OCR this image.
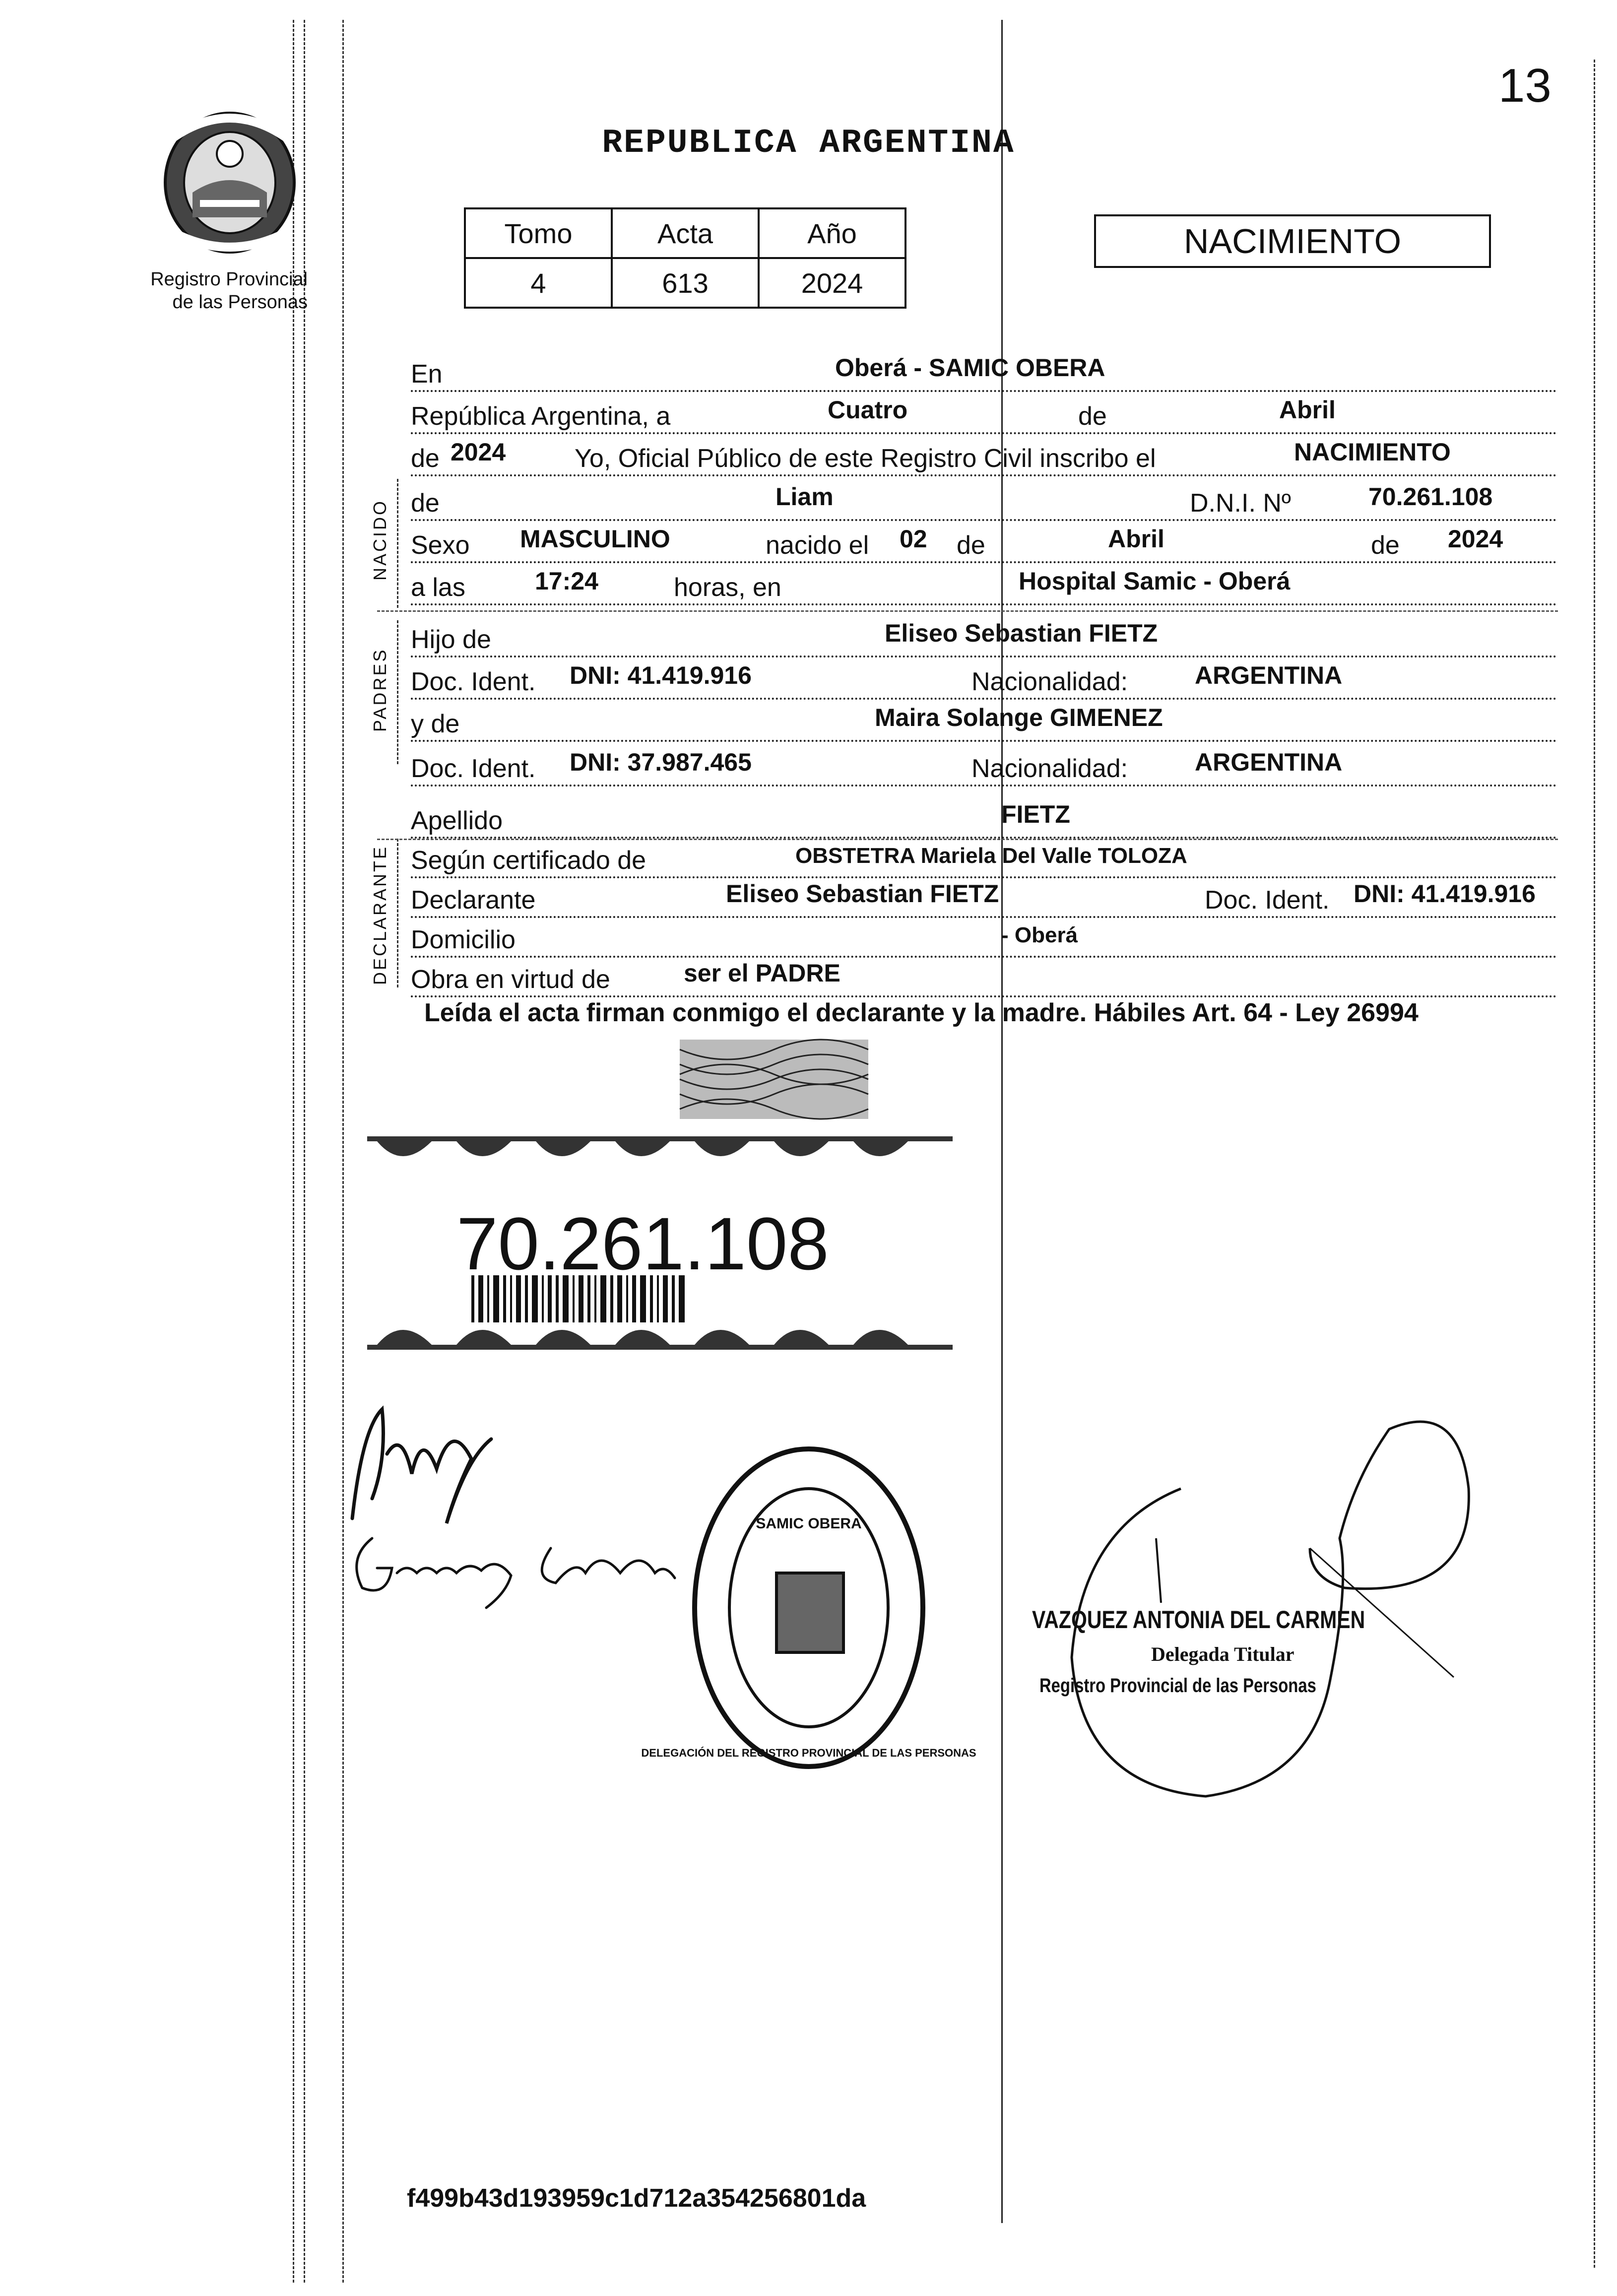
13
Registro Provincial
de las Personas
REPUBLICA ARGENTINA
Tomo	Acta	Año
4	613	2024
NACIMIENTO
NACIDO
PADRES
DECLARANTE
En	Oberá - SAMIC OBERA
República Argentina, a	Cuatro	de	Abril
de 2024	Yo, Oficial Público de este Registro Civil inscribo el	NACIMIENTO
de	Liam	D.N.I. Nº	70.261.108
Sexo MASCULINO	nacido el 02 de	Abril	de 2024
a las	17:24	horas, en	Hospital Samic - Oberá
Hijo de	Eliseo Sebastian FIETZ
Doc. Ident. DNI: 41.419.916	Nacionalidad:	ARGENTINA
y de	Maira Solange GIMENEZ
Doc. Ident. DNI: 37.987.465	Nacionalidad:	ARGENTINA
Apellido	FIETZ
Según certificado de	OBSTETRA Mariela Del Valle TOLOZA
Declarante	Eliseo Sebastian FIETZ	Doc. Ident. DNI: 41.419.916
Domicilio	- Oberá
Obra en virtud de	ser el PADRE
Leída el acta firman conmigo el declarante y la madre. Hábiles Art. 64 - Ley 26994
70.261.108
SAMIC OBERA
DELEGACIÓN DEL REGISTRO PROVINCIAL DE LAS PERSONAS
VAZQUEZ ANTONIA DEL CARMEN
Delegada Titular
Registro Provincial de las Personas
f499b43d193959c1d712a354256801da
